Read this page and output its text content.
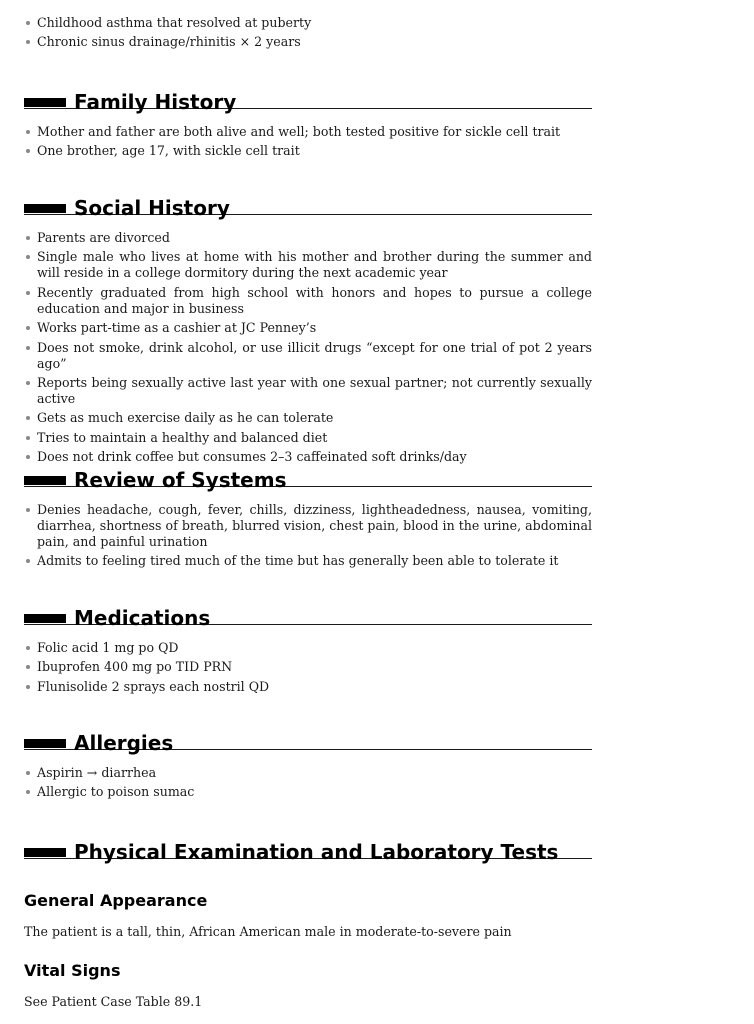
Childhood asthma that resolved at puberty
Chronic sinus drainage/rhinitis × 2 years
Family History
Mother and father are both alive and well; both tested positive for sickle cell trait
One brother, age 17, with sickle cell trait
Social History
Parents are divorced
Single male who lives at home with his mother and brother during the summer and will reside in a college dormitory during the next academic year
Recently graduated from high school with honors and hopes to pursue a college education and major in business
Works part-time as a cashier at JC Penney’s
Does not smoke, drink alcohol, or use illicit drugs “except for one trial of pot 2 years ago”
Reports being sexually active last year with one sexual partner; not currently sexually active
Gets as much exercise daily as he can tolerate
Tries to maintain a healthy and balanced diet
Does not drink coffee but consumes 2–3 caffeinated soft drinks/day
Review of Systems
Denies headache, cough, fever, chills, dizziness, lightheadedness, nausea, vomiting, diarrhea, shortness of breath, blurred vision, chest pain, blood in the urine, abdominal pain, and painful urination
Admits to feeling tired much of the time but has generally been able to tolerate it
Medications
Folic acid 1 mg po QD
Ibuprofen 400 mg po TID PRN
Flunisolide 2 sprays each nostril QD
Allergies
Aspirin → diarrhea
Allergic to poison sumac
Physical Examination and Laboratory Tests
General Appearance

The patient is a tall, thin, African American male in moderate-to-severe pain

Vital Signs

See Patient Case Table 89.1
